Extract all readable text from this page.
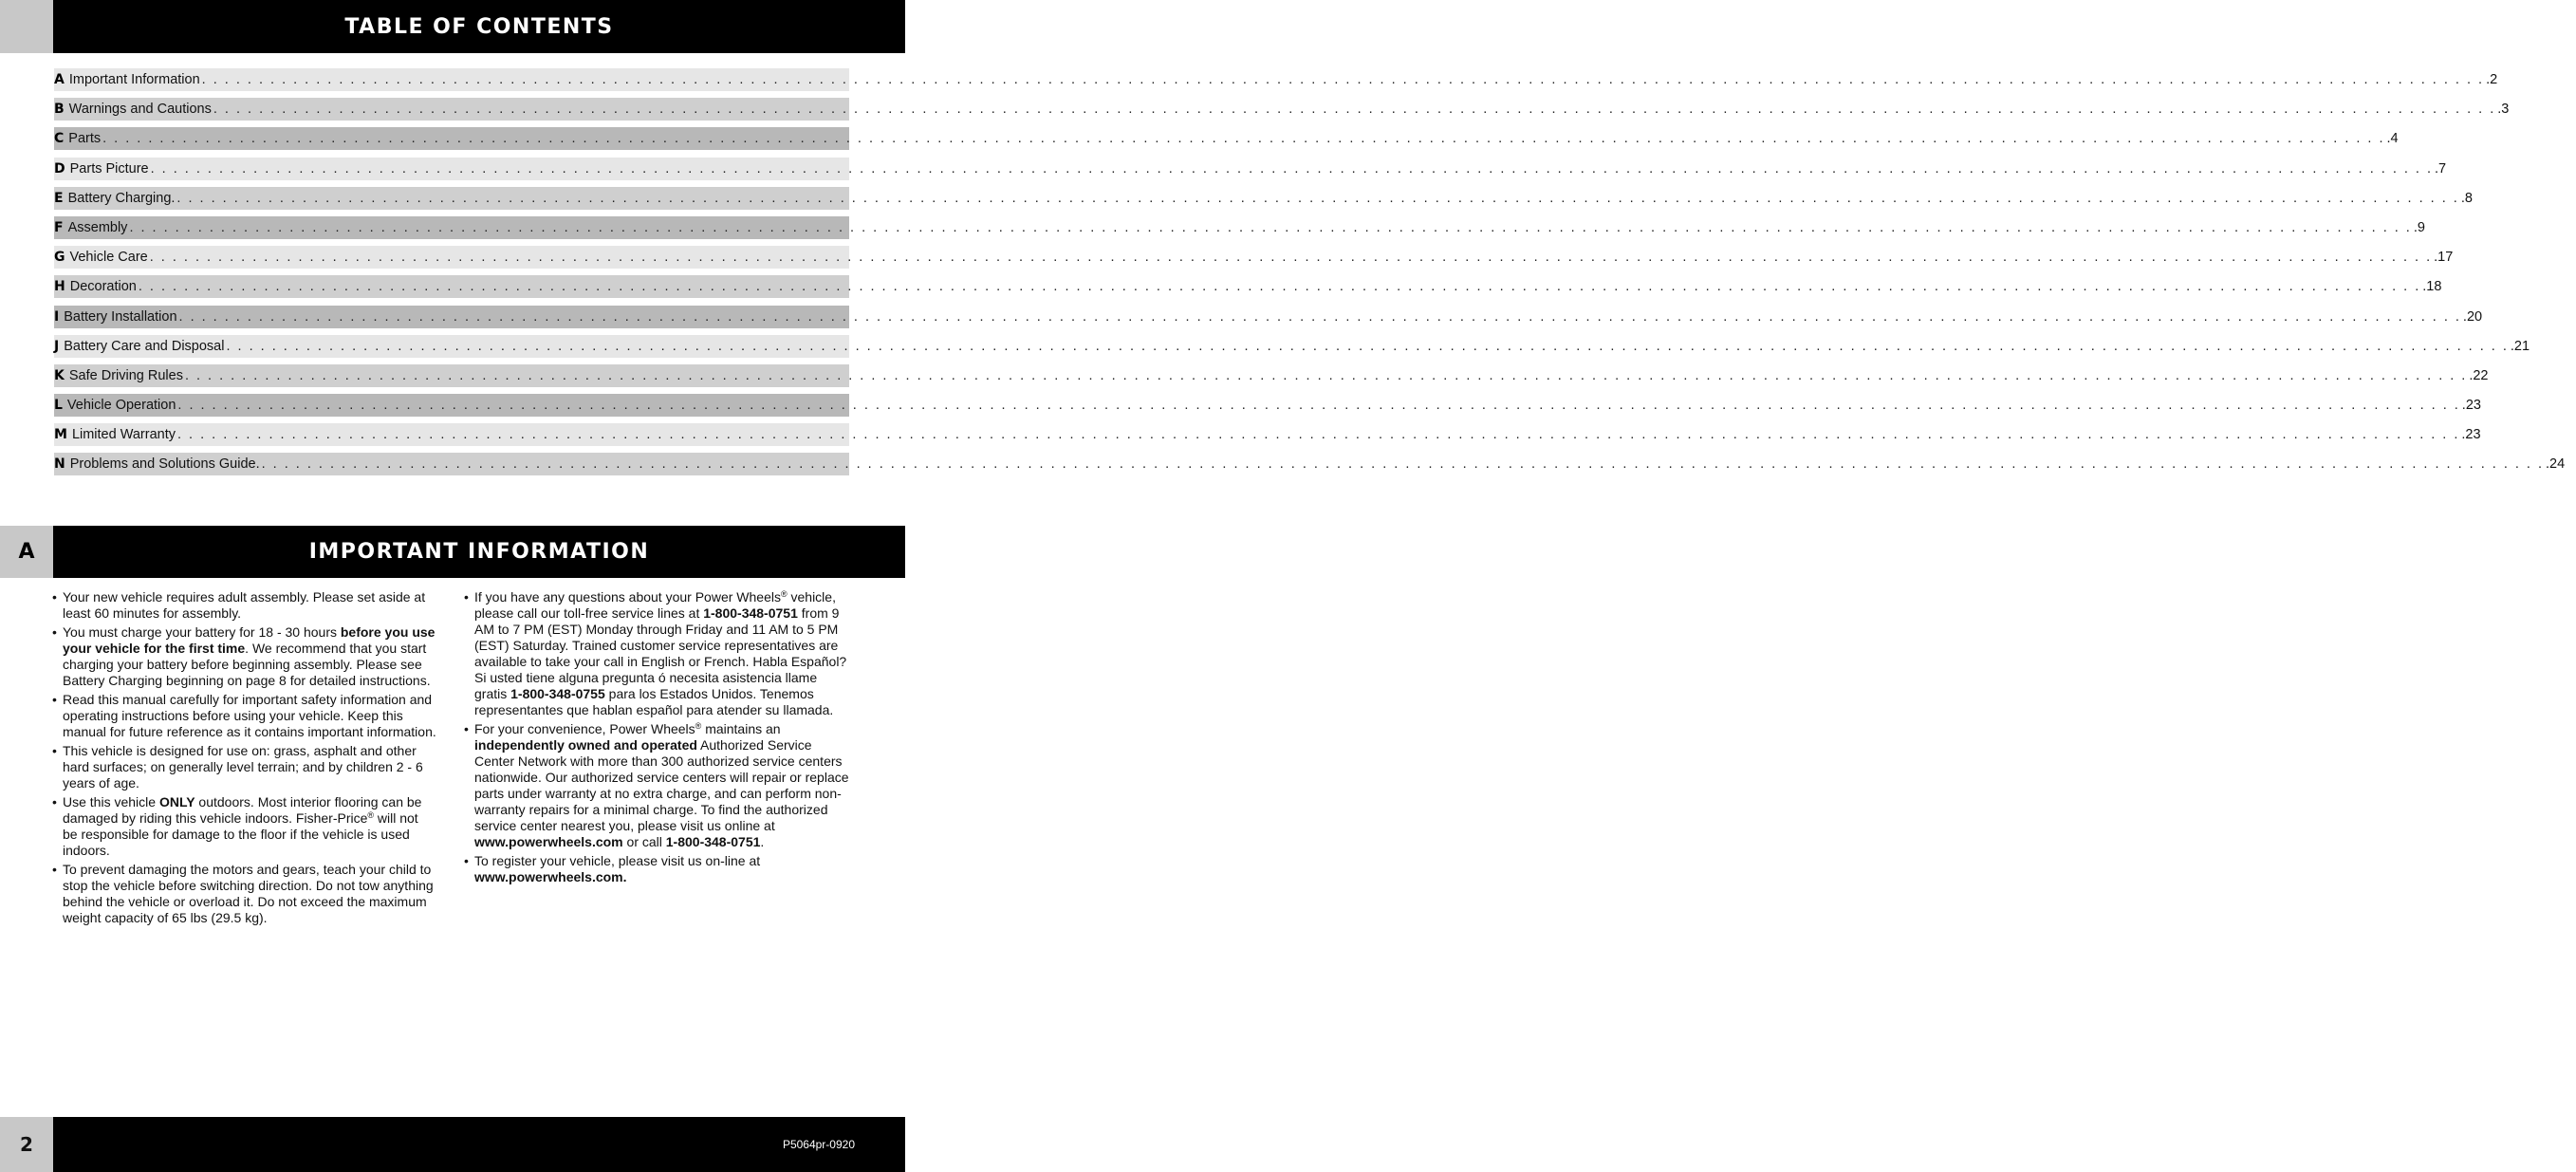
TABLE OF CONTENTS
A Important Information . . . . . . . . . . . . . . . . . . . . . . . . . . . . . . . . . . . . . . . . . . . . . . . . . . . . . . . . . . . . . . . . . . . . . . . . . . . . . . . . . . . . . . . . . . . . . . . . . . . . . . . . . . . . . . . . . . . . . . . . . . . . . . . . . . . . . . . . . . . . . . . . . . . . . . . . . . . . . . . . . . . . . . . . . . . . . . . . . . . . . . . . . . . . . . . . . . . . . . . . .2
B Warnings and Cautions . . . . . . . . . . . . . . . . . . . . . . . . . . . . . . . . . . . . . . . . . . . . . . . . . . . . . . . . . . . . . . . . . . . . . . . . . . . . . . . . . . . . . . . . . . . . . . . . . . . . . . . . . . . . . . . . . . . . . . . . . . . . . . . . . . . . . . . . . . . . . . . . . . . . . . . . . . . . . . . . . . . . . . . . . . . . . . . . . . . . . . . . . . . . . . . . . . . . . . . . .3
C Parts . . . . . . . . . . . . . . . . . . . . . . . . . . . . . . . . . . . . . . . . . . . . . . . . . . . . . . . . . . . . . . . . . . . . . . . . . . . . . . . . . . . . . . . . . . . . . . . . . . . . . . . . . . . . . . . . . . . . . . . . . . . . . . . . . . . . . . . . . . . . . . . . . . . . . . . . . . . . . . . . . . . . . . . . . . . . . . . . . . . . . . . . . . . . . . . . . . . . . . . . .4
D Parts Picture . . . . . . . . . . . . . . . . . . . . . . . . . . . . . . . . . . . . . . . . . . . . . . . . . . . . . . . . . . . . . . . . . . . . . . . . . . . . . . . . . . . . . . . . . . . . . . . . . . . . . . . . . . . . . . . . . . . . . . . . . . . . . . . . . . . . . . . . . . . . . . . . . . . . . . . . . . . . . . . . . . . . . . . . . . . . . . . . . . . . . . . . . . . . . . . . . . . . . . . . .7
E Battery Charging. . . . . . . . . . . . . . . . . . . . . . . . . . . . . . . . . . . . . . . . . . . . . . . . . . . . . . . . . . . . . . . . . . . . . . . . . . . . . . . . . . . . . . . . . . . . . . . . . . . . . . . . . . . . . . . . . . . . . . . . . . . . . . . . . . . . . . . . . . . . . . . . . . . . . . . . . . . . . . . . . . . . . . . . . . . . . . . . . . . . . . . . . . . . . . . . . . . . . . . . . .8
F Assembly . . . . . . . . . . . . . . . . . . . . . . . . . . . . . . . . . . . . . . . . . . . . . . . . . . . . . . . . . . . . . . . . . . . . . . . . . . . . . . . . . . . . . . . . . . . . . . . . . . . . . . . . . . . . . . . . . . . . . . . . . . . . . . . . . . . . . . . . . . . . . . . . . . . . . . . . . . . . . . . . . . . . . . . . . . . . . . . . . . . . . . . . . . . . . . . . . . . . . . . . .9
G Vehicle Care . . . . . . . . . . . . . . . . . . . . . . . . . . . . . . . . . . . . . . . . . . . . . . . . . . . . . . . . . . . . . . . . . . . . . . . . . . . . . . . . . . . . . . . . . . . . . . . . . . . . . . . . . . . . . . . . . . . . . . . . . . . . . . . . . . . . . . . . . . . . . . . . . . . . . . . . . . . . . . . . . . . . . . . . . . . . . . . . . . . . . . . . . . . . . . . . . . . . . . . . .17
H Decoration . . . . . . . . . . . . . . . . . . . . . . . . . . . . . . . . . . . . . . . . . . . . . . . . . . . . . . . . . . . . . . . . . . . . . . . . . . . . . . . . . . . . . . . . . . . . . . . . . . . . . . . . . . . . . . . . . . . . . . . . . . . . . . . . . . . . . . . . . . . . . . . . . . . . . . . . . . . . . . . . . . . . . . . . . . . . . . . . . . . . . . . . . . . . . . . . . . . . . . . . .18
I Battery Installation . . . . . . . . . . . . . . . . . . . . . . . . . . . . . . . . . . . . . . . . . . . . . . . . . . . . . . . . . . . . . . . . . . . . . . . . . . . . . . . . . . . . . . . . . . . . . . . . . . . . . . . . . . . . . . . . . . . . . . . . . . . . . . . . . . . . . . . . . . . . . . . . . . . . . . . . . . . . . . . . . . . . . . . . . . . . . . . . . . . . . . . . . . . . . . . . . . . . . . . . .20
J Battery Care and Disposal . . . . . . . . . . . . . . . . . . . . . . . . . . . . . . . . . . . . . . . . . . . . . . . . . . . . . . . . . . . . . . . . . . . . . . . . . . . . . . . . . . . . . . . . . . . . . . . . . . . . . . . . . . . . . . . . . . . . . . . . . . . . . . . . . . . . . . . . . . . . . . . . . . . . . . . . . . . . . . . . . . . . . . . . . . . . . . . . . . . . . . . . . . . . . . . . . . . . . . . . .21
K Safe Driving Rules . . . . . . . . . . . . . . . . . . . . . . . . . . . . . . . . . . . . . . . . . . . . . . . . . . . . . . . . . . . . . . . . . . . . . . . . . . . . . . . . . . . . . . . . . . . . . . . . . . . . . . . . . . . . . . . . . . . . . . . . . . . . . . . . . . . . . . . . . . . . . . . . . . . . . . . . . . . . . . . . . . . . . . . . . . . . . . . . . . . . . . . . . . . . . . . . . . . . . . . . .22
L Vehicle Operation . . . . . . . . . . . . . . . . . . . . . . . . . . . . . . . . . . . . . . . . . . . . . . . . . . . . . . . . . . . . . . . . . . . . . . . . . . . . . . . . . . . . . . . . . . . . . . . . . . . . . . . . . . . . . . . . . . . . . . . . . . . . . . . . . . . . . . . . . . . . . . . . . . . . . . . . . . . . . . . . . . . . . . . . . . . . . . . . . . . . . . . . . . . . . . . . . . . . . . . . .23
M Limited Warranty . . . . . . . . . . . . . . . . . . . . . . . . . . . . . . . . . . . . . . . . . . . . . . . . . . . . . . . . . . . . . . . . . . . . . . . . . . . . . . . . . . . . . . . . . . . . . . . . . . . . . . . . . . . . . . . . . . . . . . . . . . . . . . . . . . . . . . . . . . . . . . . . . . . . . . . . . . . . . . . . . . . . . . . . . . . . . . . . . . . . . . . . . . . . . . . . . . . . . . . . .23
N Problems and Solutions Guide. . . . . . . . . . . . . . . . . . . . . . . . . . . . . . . . . . . . . . . . . . . . . . . . . . . . . . . . . . . . . . . . . . . . . . . . . . . . . . . . . . . . . . . . . . . . . . . . . . . . . . . . . . . . . . . . . . . . . . . . . . . . . . . . . . . . . . . . . . . . . . . . . . . . . . . . . . . . . . . . . . . . . . . . . . . . . . . . . . . . . . . . . . . . . . . . . . . . . . . . . .24
A	IMPORTANT INFORMATION
• Your new vehicle requires adult assembly. Please set aside at least 60 minutes for assembly.
• You must charge your battery for 18 - 30 hours before you use your vehicle for the first time. We recommend that you start charging your battery before beginning assembly. Please see Battery Charging beginning on page 8 for detailed instructions.
• Read this manual carefully for important safety information and operating instructions before using your vehicle. Keep this manual for future reference as it contains important information.
• This vehicle is designed for use on: grass, asphalt and other hard surfaces; on generally level terrain; and by children 2 - 6 years of age.
• Use this vehicle ONLY outdoors. Most interior flooring can be damaged by riding this vehicle indoors. Fisher-Price® will not be responsible for damage to the floor if the vehicle is used indoors.
• To prevent damaging the motors and gears, teach your child to stop the vehicle before switching direction. Do not tow anything behind the vehicle or overload it. Do not exceed the maximum weight capacity of 65 lbs (29.5 kg).
• If you have any questions about your Power Wheels® vehicle, please call our toll-free service lines at 1-800-348-0751 from 9 AM to 7 PM (EST) Monday through Friday and 11 AM to 5 PM (EST) Saturday. Trained customer service representatives are available to take your call in English or French. Habla Español? Si usted tiene alguna pregunta ó necesita asistencia llame gratis 1-800-348-0755 para los Estados Unidos. Tenemos representantes que hablan español para atender su llamada.
• For your convenience, Power Wheels® maintains an independently owned and operated Authorized Service Center Network with more than 300 authorized service centers nationwide. Our authorized service centers will repair or replace parts under warranty at no extra charge, and can perform non-warranty repairs for a minimal charge. To find the authorized service center nearest you, please visit us online at www.powerwheels.com or call 1-800-348-0751.
• To register your vehicle, please visit us on-line at www.powerwheels.com.
2	P5064pr-0920
